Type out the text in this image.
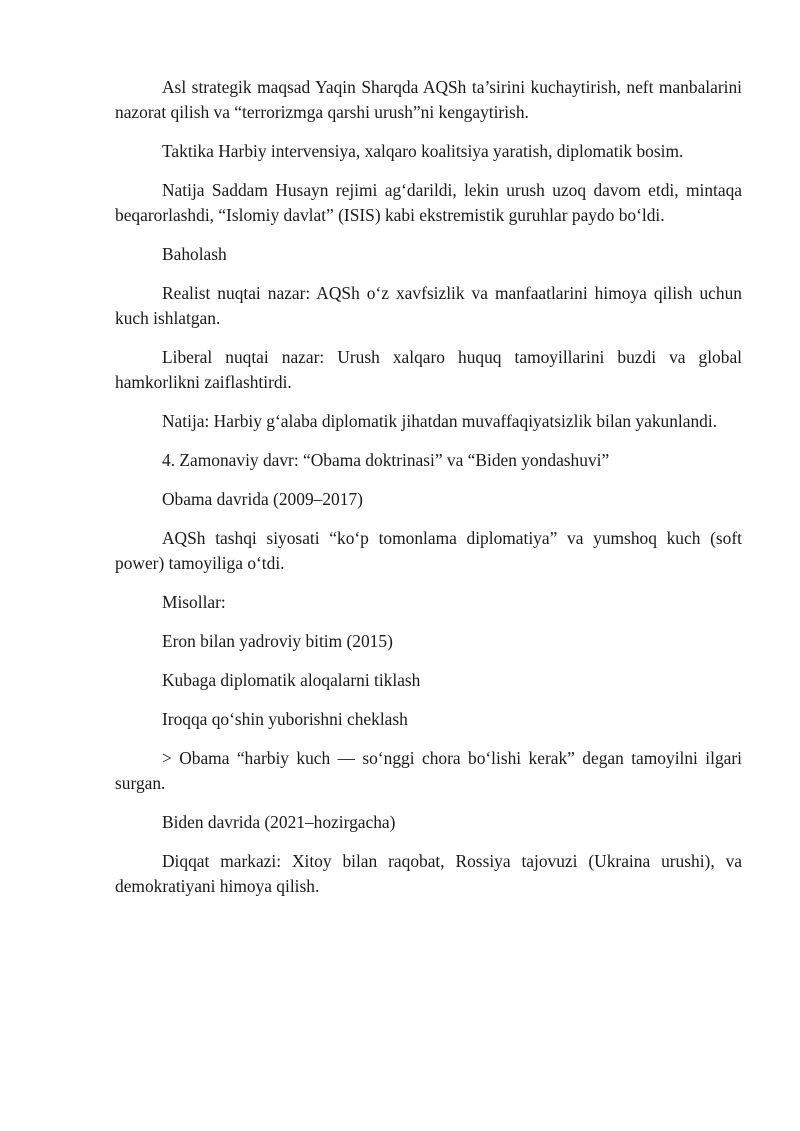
Asl strategik maqsad Yaqin Sharqda AQSh ta’sirini kuchaytirish, neft manbalarini nazorat qilish va “terrorizmga qarshi urush”ni kengaytirish.

Taktika Harbiy intervensiya, xalqaro koalitsiya yaratish, diplomatik bosim.

Natija Saddam Husayn rejimi ag‘darildi, lekin urush uzoq davom etdi, mintaqa beqarorlashdi, “Islomiy davlat” (ISIS) kabi ekstremistik guruhlar paydo bo‘ldi.

Baholash

Realist nuqtai nazar: AQSh o‘z xavfsizlik va manfaatlarini himoya qilish uchun kuch ishlatgan.

Liberal nuqtai nazar: Urush xalqaro huquq tamoyillarini buzdi va global hamkorlikni zaiflashtirdi.

Natija: Harbiy g‘alaba diplomatik jihatdan muvaffaqiyatsizlik bilan yakunlandi.

4. Zamonaviy davr: “Obama doktrinasi” va “Biden yondashuvi”

Obama davrida (2009–2017)

AQSh tashqi siyosati “ko‘p tomonlama diplomatiya” va yumshoq kuch (soft power) tamoyiliga o‘tdi.

Misollar:

Eron bilan yadroviy bitim (2015)

Kubaga diplomatik aloqalarni tiklash

Iroqqa qo‘shin yuborishni cheklash

> Obama “harbiy kuch — so‘nggi chora bo‘lishi kerak” degan tamoyilni ilgari surgan.

Biden davrida (2021–hozirgacha)

Diqqat markazi: Xitoy bilan raqobat, Rossiya tajovuzi (Ukraina urushi), va demokratiyani himoya qilish.
